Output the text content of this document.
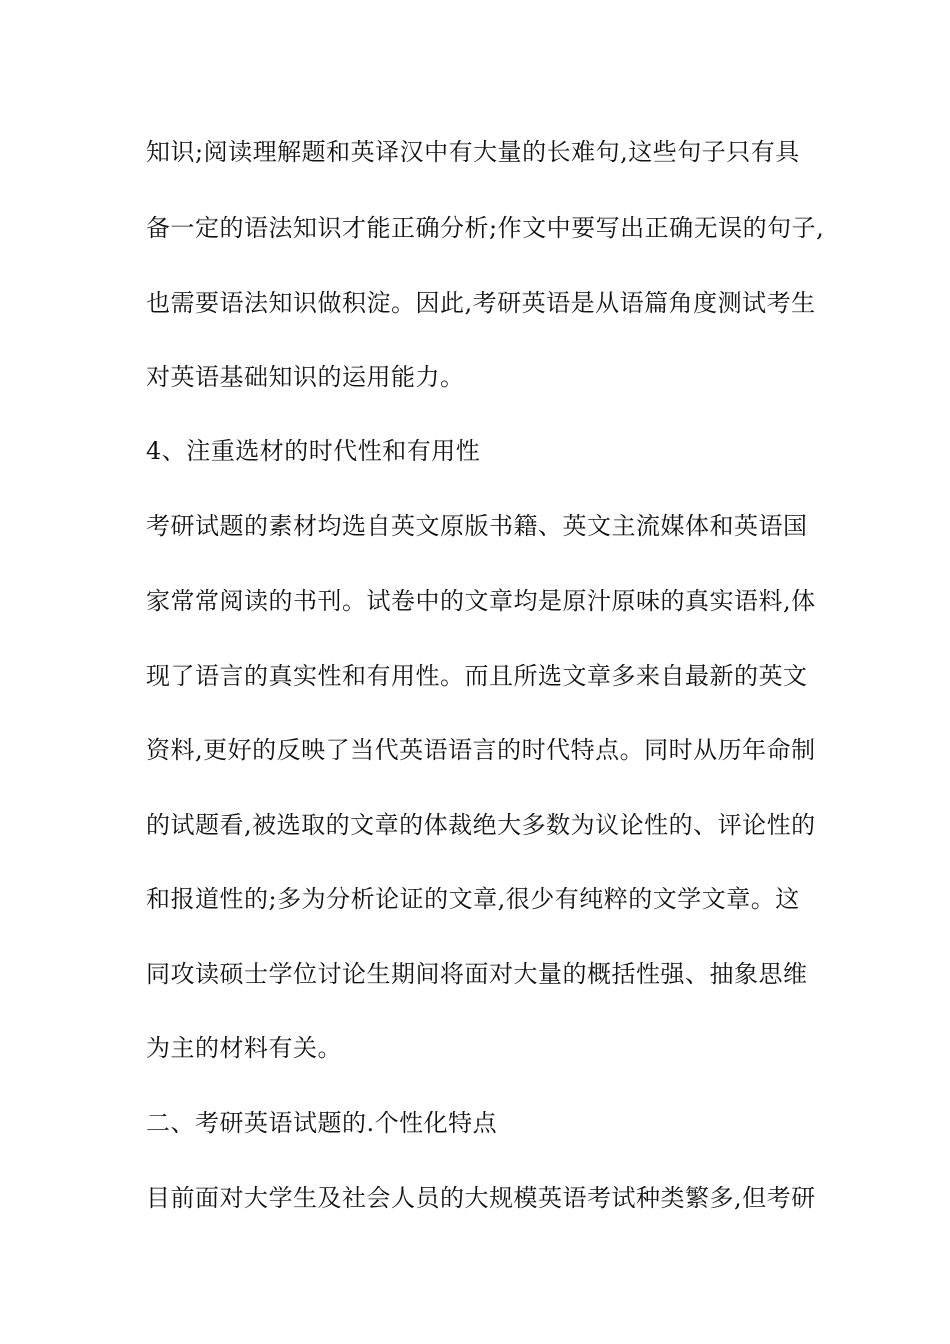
知识;阅读理解题和英译汉中有大量的长难句,这些句子只有具
备一定的语法知识才能正确分析;作文中要写出正确无误的句子,
也需要语法知识做积淀。因此,考研英语是从语篇角度测试考生
对英语基础知识的运用能力。
4、注重选材的时代性和有用性
考研试题的素材均选自英文原版书籍、英文主流媒体和英语国
家常常阅读的书刊。试卷中的文章均是原汁原味的真实语料,体
现了语言的真实性和有用性。而且所选文章多来自最新的英文
资料,更好的反映了当代英语语言的时代特点。同时从历年命制
的试题看,被选取的文章的体裁绝大多数为议论性的、评论性的
和报道性的;多为分析论证的文章,很少有纯粹的文学文章。这
同攻读硕士学位讨论生期间将面对大量的概括性强、抽象思维
为主的材料有关。
二、考研英语试题的.个性化特点
目前面对大学生及社会人员的大规模英语考试种类繁多,但考研
